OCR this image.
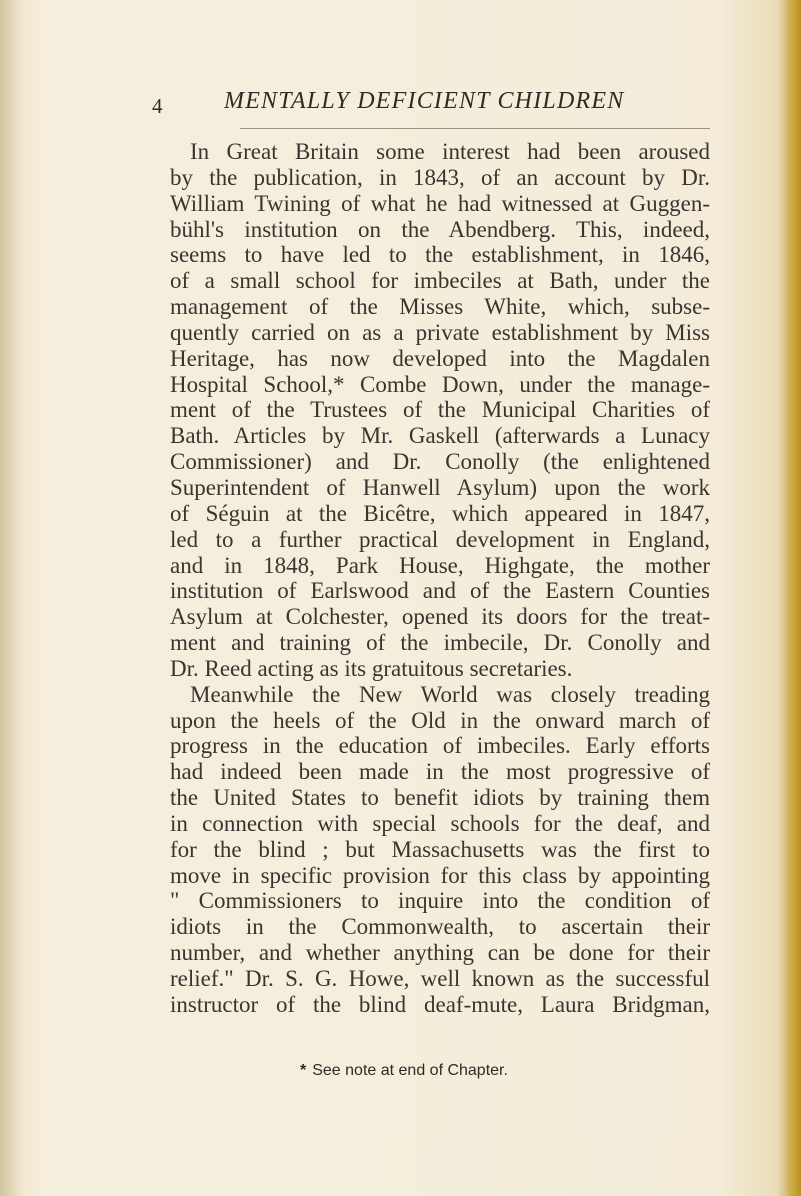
4	MENTALLY DEFICIENT CHILDREN
In Great Britain some interest had been aroused
by the publication, in 1843, of an account by Dr.
William Twining of what he had witnessed at Guggen-
bühl's institution on the Abendberg. This, indeed,
seems to have led to the establishment, in 1846,
of a small school for imbeciles at Bath, under the
management of the Misses White, which, subse-
quently carried on as a private establishment by Miss
Heritage, has now developed into the Magdalen
Hospital School,* Combe Down, under the manage-
ment of the Trustees of the Municipal Charities of
Bath. Articles by Mr. Gaskell (afterwards a Lunacy
Commissioner) and Dr. Conolly (the enlightened
Superintendent of Hanwell Asylum) upon the work
of Séguin at the Bicêtre, which appeared in 1847,
led to a further practical development in England,
and in 1848, Park House, Highgate, the mother
institution of Earlswood and of the Eastern Counties
Asylum at Colchester, opened its doors for the treat-
ment and training of the imbecile, Dr. Conolly and
Dr. Reed acting as its gratuitous secretaries.
Meanwhile the New World was closely treading
upon the heels of the Old in the onward march of
progress in the education of imbeciles. Early efforts
had indeed been made in the most progressive of
the United States to benefit idiots by training them
in connection with special schools for the deaf, and
for the blind ; but Massachusetts was the first to
move in specific provision for this class by appointing
" Commissioners to inquire into the condition of
idiots in the Commonwealth, to ascertain their
number, and whether anything can be done for their
relief." Dr. S. G. Howe, well known as the successful
instructor of the blind deaf-mute, Laura Bridgman,
* See note at end of Chapter.
